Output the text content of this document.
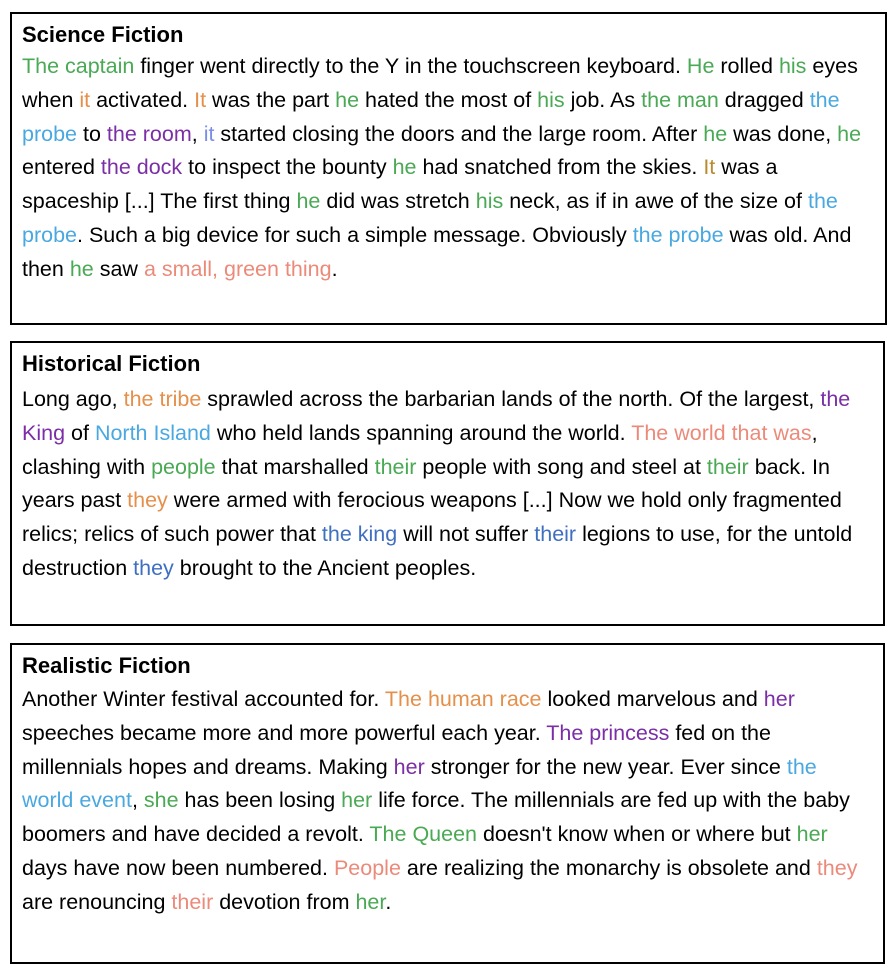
Science Fiction

The captain finger went directly to the Y in the touchscreen keyboard. He rolled his eyes when it activated. It was the part he hated the most of his job. As the man dragged the probe to the room, it started closing the doors and the large room. After he was done, he entered the dock to inspect the bounty he had snatched from the skies. It was a spaceship [...] The first thing he did was stretch his neck, as if in awe of the size of the probe. Such a big device for such a simple message. Obviously the probe was old. And then he saw a small, green thing.

Historical Fiction

Long ago, the tribe sprawled across the barbarian lands of the north. Of the largest, the King of North Island who held lands spanning around the world. The world that was, clashing with people that marshalled their people with song and steel at their back. In years past they were armed with ferocious weapons [...] Now we hold only fragmented relics; relics of such power that the king will not suffer their legions to use, for the untold destruction they brought to the Ancient peoples.

Realistic Fiction

Another Winter festival accounted for. The human race looked marvelous and her speeches became more and more powerful each year. The princess fed on the millennials hopes and dreams. Making her stronger for the new year. Ever since the world event, she has been losing her life force. The millennials are fed up with the baby boomers and have decided a revolt. The Queen doesn't know when or where but her days have now been numbered. People are realizing the monarchy is obsolete and they are renouncing their devotion from her.
